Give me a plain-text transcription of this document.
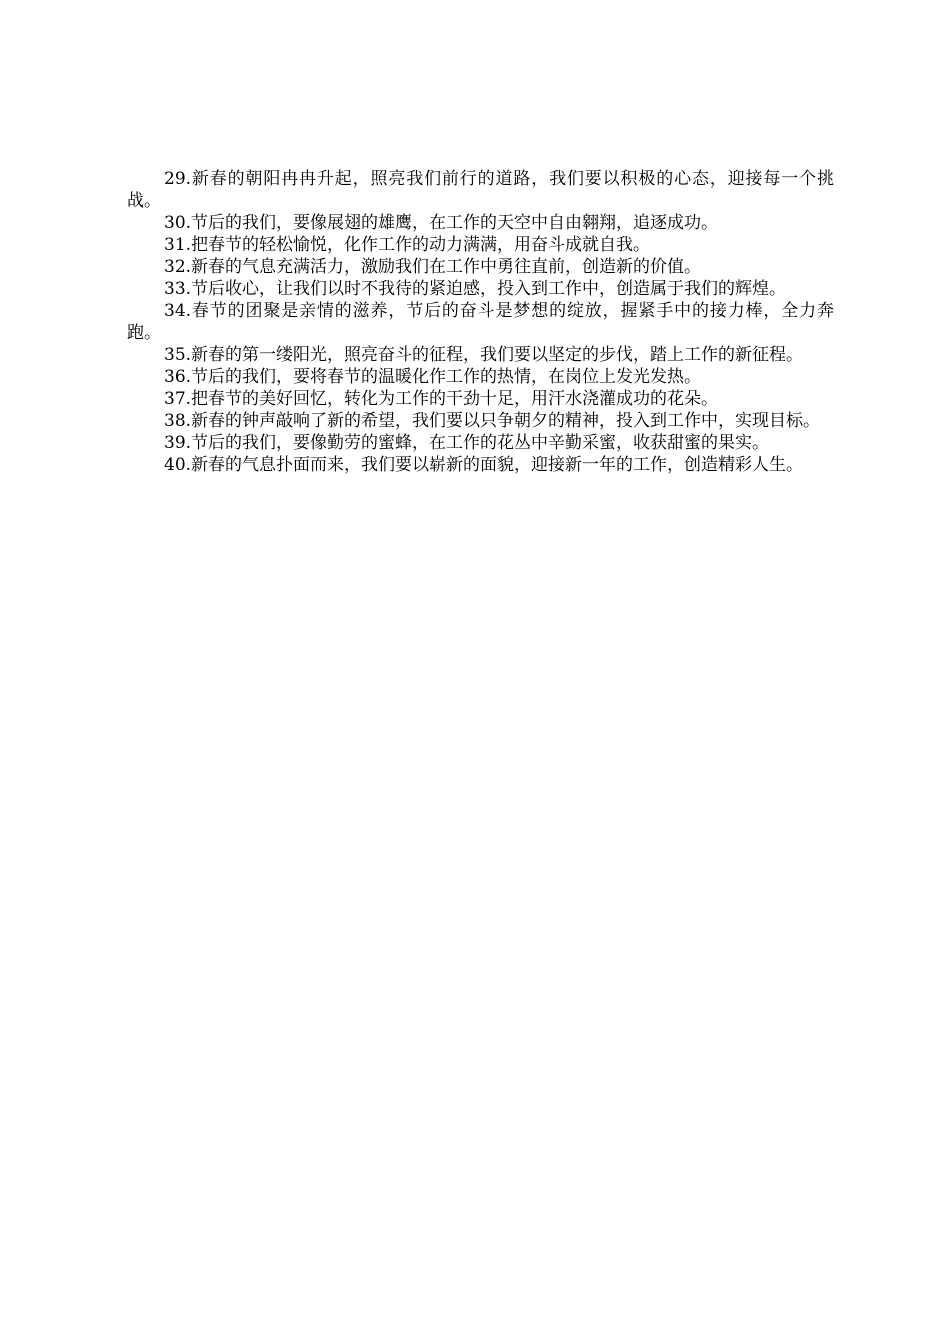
29.新春的朝阳冉冉升起，照亮我们前行的道路，我们要以积极的心态，迎接每一个挑战。

30.节后的我们，要像展翅的雄鹰，在工作的天空中自由翱翔，追逐成功。

31.把春节的轻松愉悦，化作工作的动力满满，用奋斗成就自我。

32.新春的气息充满活力，激励我们在工作中勇往直前，创造新的价值。

33.节后收心，让我们以时不我待的紧迫感，投入到工作中，创造属于我们的辉煌。

34.春节的团聚是亲情的滋养，节后的奋斗是梦想的绽放，握紧手中的接力棒，全力奔跑。

35.新春的第一缕阳光，照亮奋斗的征程，我们要以坚定的步伐，踏上工作的新征程。

36.节后的我们，要将春节的温暖化作工作的热情，在岗位上发光发热。

37.把春节的美好回忆，转化为工作的干劲十足，用汗水浇灌成功的花朵。

38.新春的钟声敲响了新的希望，我们要以只争朝夕的精神，投入到工作中，实现目标。

39.节后的我们，要像勤劳的蜜蜂，在工作的花丛中辛勤采蜜，收获甜蜜的果实。

40.新春的气息扑面而来，我们要以崭新的面貌，迎接新一年的工作，创造精彩人生。
